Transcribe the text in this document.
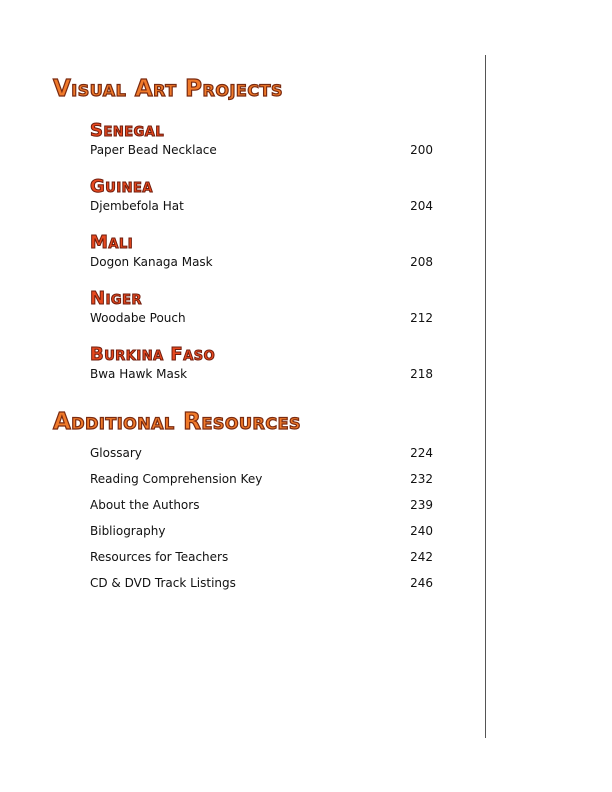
Visual Art Projects
Senegal
Paper Bead Necklace	200
Guinea
Djembefola Hat	204
Mali
Dogon Kanaga Mask	208
Niger
Woodabe Pouch	212
Burkina Faso
Bwa Hawk Mask	218
Additional Resources
Glossary	224
Reading Comprehension Key	232
About the Authors	239
Bibliography	240
Resources for Teachers	242
CD & DVD Track Listings	246
